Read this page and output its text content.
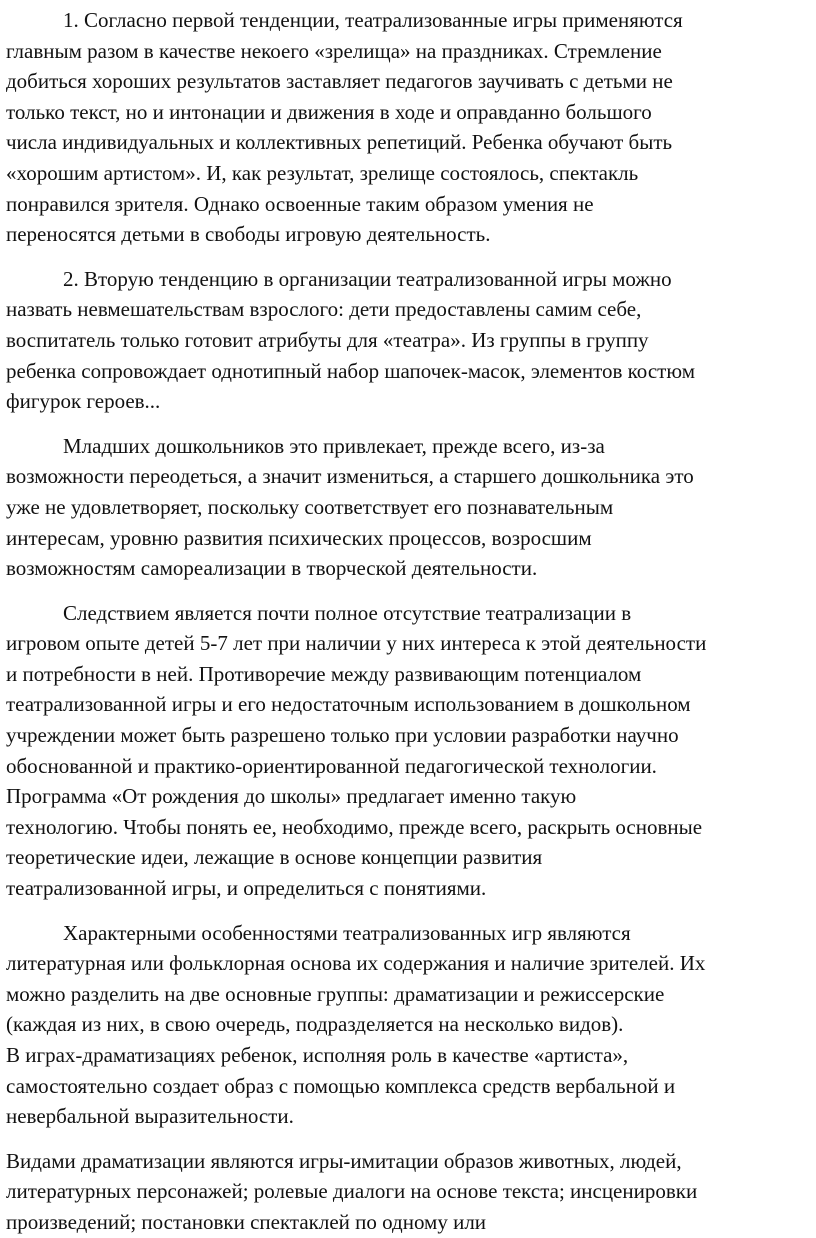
1. Согласно первой тенденции, театрализованные игры применяются
главным разом в качестве некоего «зрелища» на праздниках. Стремление
добиться хороших результатов заставляет педагогов заучивать с детьми не
только текст, но и интонации и движения в ходе и оправданно большого
числа индивидуальных и коллективных репетиций. Ребенка обучают быть
«хорошим артистом». И, как результат, зрелище состоялось, спектакль
понравился зрителя. Однако освоенные таким образом умения не
переносятся детьми в свободы игровую деятельность.

2. Вторую тенденцию в организации театрализованной игры можно
назвать невмешательствам взрослого: дети предоставлены самим себе,
воспитатель только готовит атрибуты для «театра». Из группы в группу
ребенка сопровождает однотипный набор шапочек-масок, элементов костюм
фигурок героев...

Младших дошкольников это привлекает, прежде всего, из-за
возможности переодеться, а значит измениться, а старшего дошкольника это
уже не удовлетворяет, поскольку соответствует его познавательным
интересам, уровню развития психических процессов, возросшим
возможностям самореализации в творческой деятельности.

Следствием является почти полное отсутствие театрализации в
игровом опыте детей 5-7 лет при наличии у них интереса к этой деятельности
и потребности в ней. Противоречие между развивающим потенциалом
театрализованной игры и его недостаточным использованием в дошкольном
учреждении может быть разрешено только при условии разработки научно
обоснованной и практико-ориентированной педагогической технологии.
Программа «От рождения до школы» предлагает именно такую
технологию. Чтобы понять ее, необходимо, прежде всего, раскрыть основные
теоретические идеи, лежащие в основе концепции развития
театрализованной игры, и определиться с понятиями.

Характерными особенностями театрализованных игр являются
литературная или фольклорная основа их содержания и наличие зрителей. Их
можно разделить на две основные группы: драматизации и режиссерские
(каждая из них, в свою очередь, подразделяется на несколько видов).
В играх-драматизациях ребенок, исполняя роль в качестве «артиста»,
самостоятельно создает образ с помощью комплекса средств вербальной и
невербальной выразительности.

Видами драматизации являются игры-имитации образов животных, людей,
литературных персонажей; ролевые диалоги на основе текста; инсценировки
произведений; постановки спектаклей по одному или
